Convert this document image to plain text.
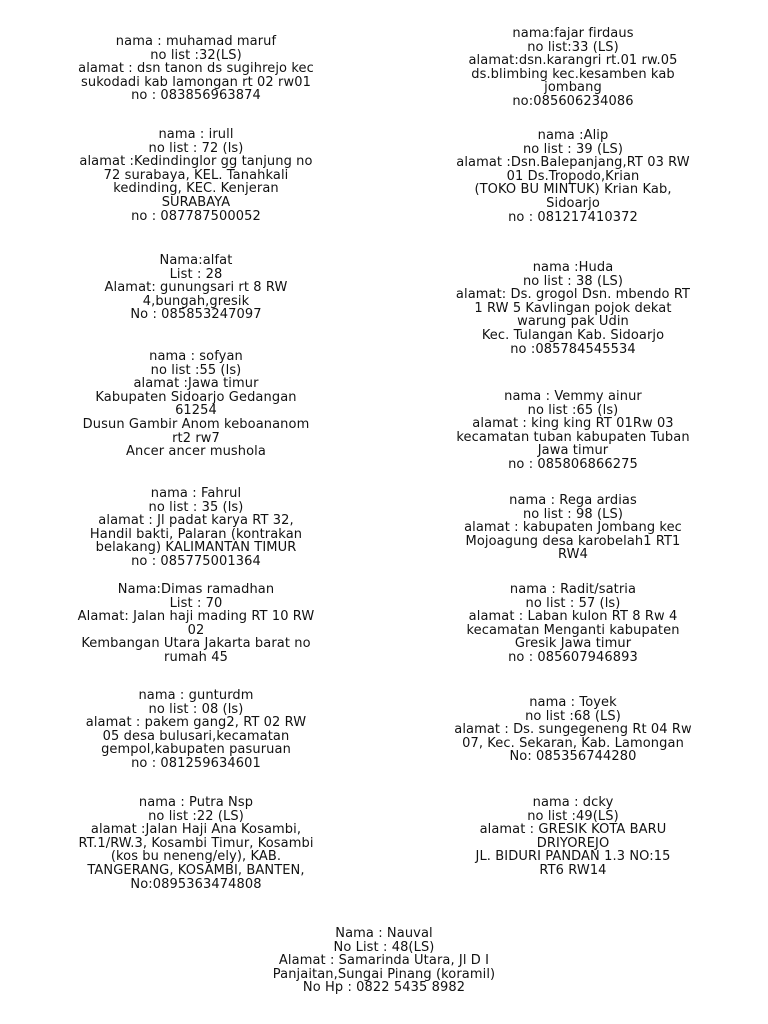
nama : muhamad maruf
no list :32(LS)
alamat : dsn tanon ds sugihrejo kec
sukodadi kab lamongan rt 02 rw01
no : 083856963874
nama:fajar firdaus
no list:33 (LS)
alamat:dsn.karangri rt.01 rw.05
ds.blimbing kec.kesamben kab
jombang
no:085606234086
nama : irull
no list : 72 (ls)
alamat :Kedinding​lor gg tanjung no
72 surabaya, KEL. Tanahkali
kedinding, KEC. Kenjeran
SURABAYA
no : 087787500052
nama :Alip
no list : 39 (LS)
alamat :Dsn.Balepanjang,RT 03 RW
01 Ds.Tropodo,Krian
(TOKO BU MINTUK) Krian Kab,
Sidoarjo
no : 081217410372
Nama:alfat
List : 28
Alamat: gunungsari rt 8 RW
4,bungah,gresik
No : 085853247097
nama :Huda
no list : 38 (LS)
alamat: Ds. grogol Dsn. mbendo RT
1 RW 5 Kavlingan pojok dekat
warung pak Udin
Kec. Tulangan Kab. Sidoarjo
no :085784545534
nama : sofyan
no list :55 (ls)
alamat :Jawa timur
Kabupaten Sidoarjo Gedangan
61254
Dusun Gambir Anom keboananom
rt2 rw7
Ancer ancer mushola
nama : Vemmy ainur
no list :65 (ls)
alamat : king king RT 01Rw 03
kecamatan tuban kabupaten Tuban
Jawa timur
no : 085806866275
nama : Fahrul
no list : 35 (ls)
alamat : Jl padat karya RT 32,
Handil bakti, Palaran (kontrakan
belakang) KALIMANTAN TIMUR
no : 085775001364
nama : Rega ardias
no list : 98 (LS)
alamat : kabupaten Jombang kec
Mojoagung desa karobelah1 RT1
RW4
Nama:Dimas ramadhan
List : 70
Alamat: Jalan haji mading RT 10 RW
02
Kembangan Utara Jakarta barat no
rumah 45
nama : Radit/satria
no list : 57 (ls)
alamat : Laban kulon RT 8 Rw 4
kecamatan Menganti kabupaten
Gresik Jawa timur
no : 085607946893
nama : gunturdm
no list : 08 (ls)
alamat : pakem gang2, RT 02 RW
05 desa bulusari,kecamatan
gempol,kabupaten pasuruan
no : 081259634601
nama : Toyek
no list :68 (LS)
alamat : Ds. sungegeneng Rt 04 Rw
07, Kec. Sekaran, Kab. Lamongan
No: 085356744280
nama : Putra Nsp
no list :22 (LS)
alamat :Jalan Haji Ana Kosambi,
RT.1/RW.3, Kosambi Timur, Kosambi
(kos bu neneng/ely), KAB.
TANGERANG, KOSAMBI, BANTEN,
No:089536347480​8
nama : dcky
no list :49(LS)
alamat : GRESIK KOTA BARU
DRIYOREJO
JL. BIDURI PANDAN 1.3 NO:15
RT6 RW14
Nama : Nauval
No List : 48(LS)
Alamat : Samarinda Utara, Jl D I
Panjaitan,Sungai Pinang (koramil)
No Hp : 0822 5435 8982
